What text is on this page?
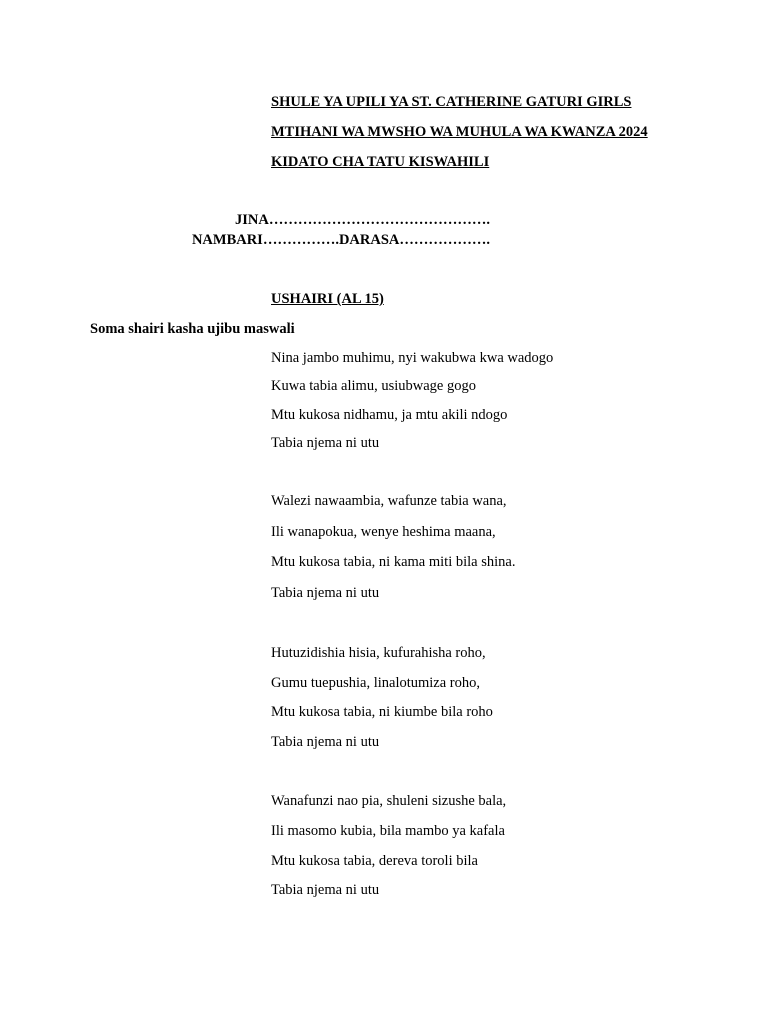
SHULE YA UPILI YA ST. CATHERINE GATURI GIRLS
MTIHANI WA MWSHO WA MUHULA WA KWANZA 2024
KIDATO CHA TATU KISWAHILI
JINA……………………………………….
NAMBARI…………….DARASA……………….
USHAIRI (AL 15)
Soma shairi kasha ujibu maswali
Nina jambo muhimu, nyi wakubwa kwa wadogo
Kuwa tabia alimu, usiubwage gogo
Mtu kukosa nidhamu, ja mtu akili ndogo
Tabia njema ni utu
Walezi nawaambia, wafunze tabia wana,
Ili wanapokua, wenye heshima maana,
Mtu kukosa tabia, ni kama miti bila shina.
Tabia njema ni utu
Hutuzidishia hisia, kufurahisha roho,
Gumu tuepushia, linalotumiza roho,
Mtu kukosa tabia, ni kiumbe bila roho
Tabia njema ni utu
Wanafunzi nao pia, shuleni sizushe bala,
Ili masomo kubia, bila mambo ya kafala
Mtu kukosa tabia, dereva toroli bila
Tabia njema ni utu
